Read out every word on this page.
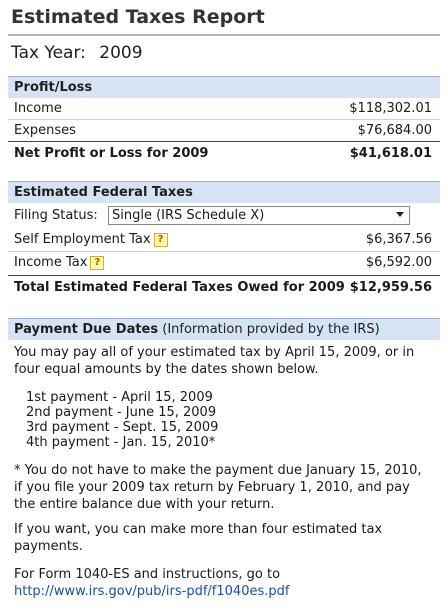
Estimated Taxes Report
Tax Year: 2009
Profit/Loss
Income	$118,302.01
Expenses	$76,684.00
Net Profit or Loss for 2009	$41,618.01
Estimated Federal Taxes
Filing Status:	Single (IRS Schedule X)
Self Employment Tax ?	$6,367.56
Income Tax ?	$6,592.00
Total Estimated Federal Taxes Owed for 2009 $12,959.56
Payment Due Dates (Information provided by the IRS)
You may pay all of your estimated tax by April 15, 2009, or in four equal amounts by the dates shown below.
1st payment - April 15, 2009
2nd payment - June 15, 2009
3rd payment - Sept. 15, 2009
4th payment - Jan. 15, 2010*
* You do not have to make the payment due January 15, 2010, if you file your 2009 tax return by February 1, 2010, and pay the entire balance due with your return.
If you want, you can make more than four estimated tax payments.
For Form 1040-ES and instructions, go to http://www.irs.gov/pub/irs-pdf/f1040es.pdf
